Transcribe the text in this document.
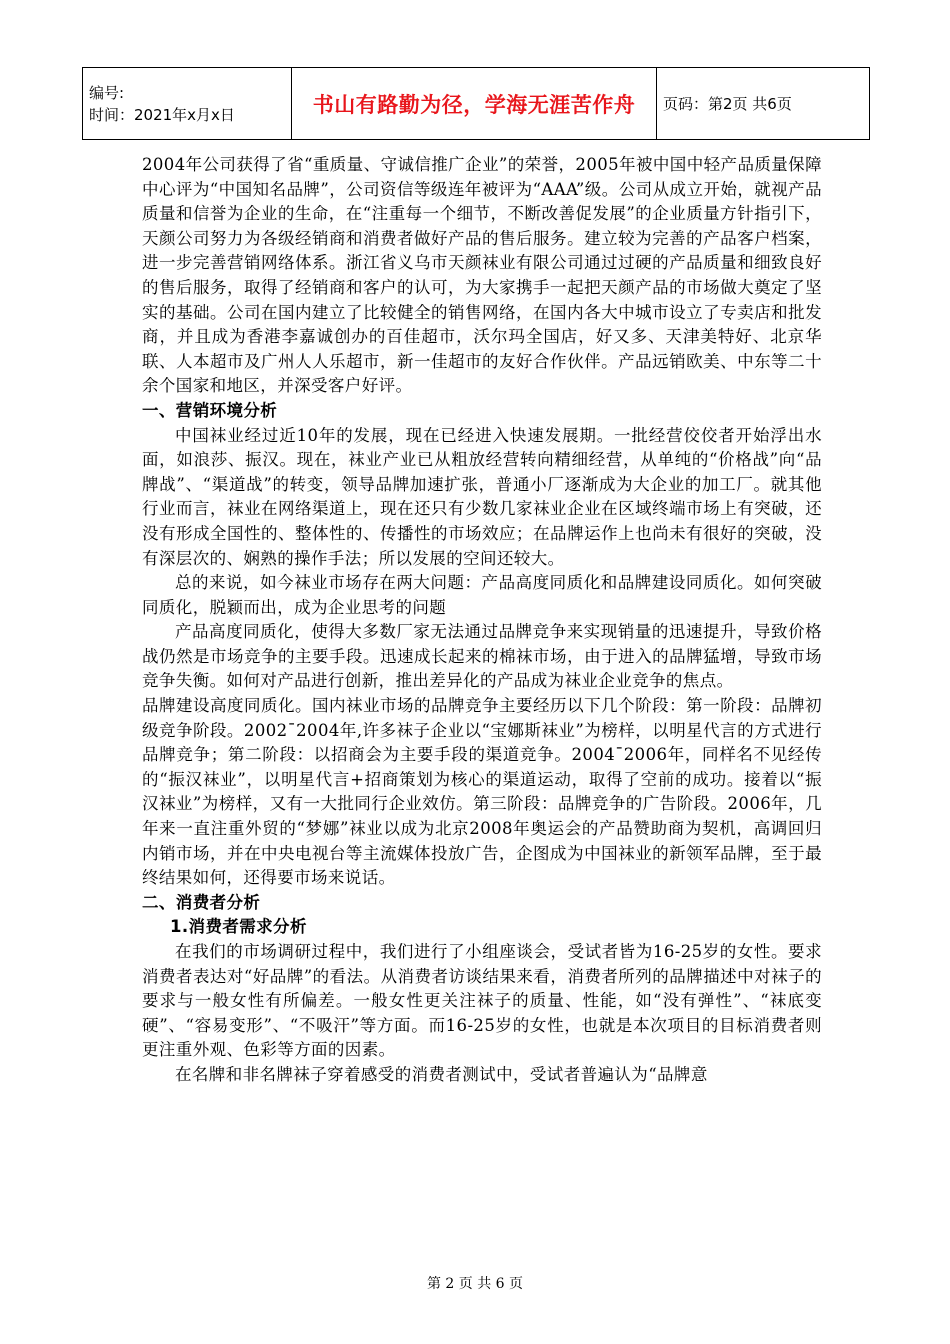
编号:
时间：2021年x月x日	书山有路勤为径，学海无涯苦作舟	页码：第2页 共6页

2004年公司获得了省“重质量、守诚信推广企业”的荣誉，2005年被中国中轻产品质量保障中心评为“中国知名品牌”，公司资信等级连年被评为“AAA”级。公司从成立开始，就视产品质量和信誉为企业的生命，在“注重每一个细节，不断改善促发展”的企业质量方针指引下，天颜公司努力为各级经销商和消费者做好产品的售后服务。建立较为完善的产品客户档案，进一步完善营销网络体系。浙江省义乌市天颜袜业有限公司通过过硬的产品质量和细致良好的售后服务，取得了经销商和客户的认可，为大家携手一起把天颜产品的市场做大奠定了坚实的基础。公司在国内建立了比较健全的销售网络，在国内各大中城市设立了专卖店和批发商，并且成为香港李嘉诚创办的百佳超市，沃尔玛全国店，好又多、天津美特好、北京华联、人本超市及广州人人乐超市，新一佳超市的友好合作伙伴。产品远销欧美、中东等二十余个国家和地区，并深受客户好评。

一、营销环境分析

中国袜业经过近10年的发展，现在已经进入快速发展期。一批经营佼佼者开始浮出水面，如浪莎、振汉。现在，袜业产业已从粗放经营转向精细经营，从单纯的“价格战”向“品牌战”、“渠道战”的转变，领导品牌加速扩张，普通小厂逐渐成为大企业的加工厂。就其他行业而言，袜业在网络渠道上，现在还只有少数几家袜业企业在区域终端市场上有突破，还没有形成全国性的、整体性的、传播性的市场效应；在品牌运作上也尚未有很好的突破，没有深层次的、娴熟的操作手法；所以发展的空间还较大。

总的来说，如今袜业市场存在两大问题：产品高度同质化和品牌建设同质化。如何突破同质化，脱颖而出，成为企业思考的问题

产品高度同质化，使得大多数厂家无法通过品牌竞争来实现销量的迅速提升，导致价格战仍然是市场竞争的主要手段。迅速成长起来的棉袜市场，由于进入的品牌猛增，导致市场竞争失衡。如何对产品进行创新，推出差异化的产品成为袜业企业竞争的焦点。

品牌建设高度同质化。国内袜业市场的品牌竞争主要经历以下几个阶段：第一阶段：品牌初级竞争阶段。2002¯2004年,许多袜子企业以“宝娜斯袜业”为榜样，以明星代言的方式进行品牌竞争；第二阶段：以招商会为主要手段的渠道竞争。2004¯2006年，同样名不见经传的“振汉袜业”，以明星代言+招商策划为核心的渠道运动，取得了空前的成功。接着以“振汉袜业”为榜样，又有一大批同行企业效仿。第三阶段：品牌竞争的广告阶段。2006年，几年来一直注重外贸的“梦娜”袜业以成为北京2008年奥运会的产品赞助商为契机，高调回归内销市场，并在中央电视台等主流媒体投放广告，企图成为中国袜业的新领军品牌，至于最终结果如何，还得要市场来说话。

二、消费者分析

1.消费者需求分析

在我们的市场调研过程中，我们进行了小组座谈会，受试者皆为16-25岁的女性。要求消费者表达对“好品牌”的看法。从消费者访谈结果来看，消费者所列的品牌描述中对袜子的要求与一般女性有所偏差。一般女性更关注袜子的质量、性能，如“没有弹性”、“袜底变硬”、“容易变形”、“不吸汗”等方面。而16-25岁的女性，也就是本次项目的目标消费者则更注重外观、色彩等方面的因素。

在名牌和非名牌袜子穿着感受的消费者测试中，受试者普遍认为“品牌意

第 2 页 共 6 页
